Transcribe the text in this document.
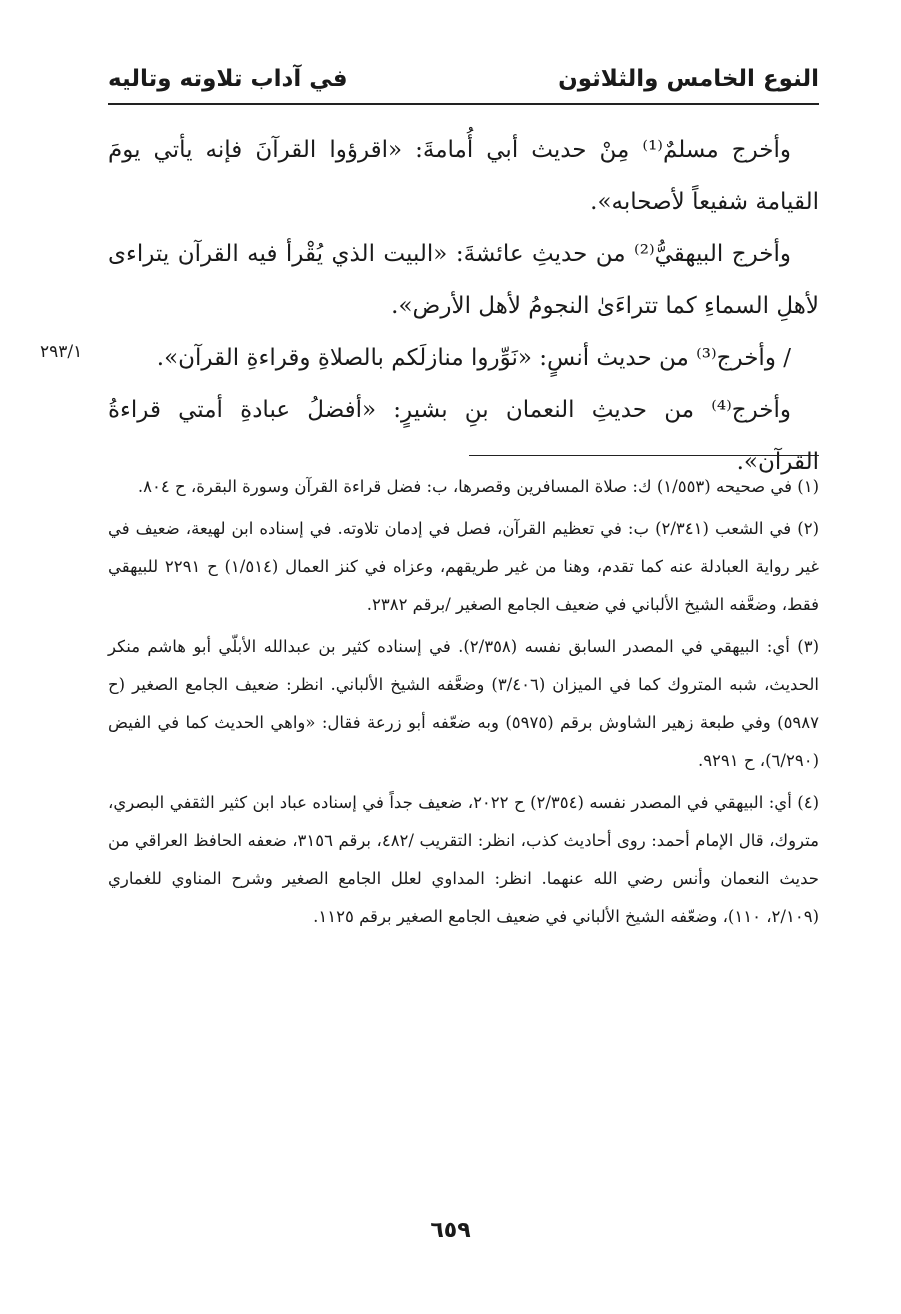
النوع الخامس والثلاثون
في آداب تلاوته وتاليه

وأخرج مسلمٌ⁽¹⁾ مِنْ حديث أبي أُمامةَ: «اقرؤوا القرآنَ فإنه يأتي يومَ القيامة شفيعاً لأصحابه».

وأخرج البيهقيُّ⁽²⁾ من حديثِ عائشةَ: «البيت الذي يُقْرأ فيه القرآن يتراءى لأهلِ السماءِ كما تتراءَىٰ النجومُ لأهل الأرض».

/ وأخرج⁽³⁾ من حديث أنسٍ: «نَوِّروا منازلَكم بالصلاةِ وقراءةِ القرآن».

وأخرج⁽⁴⁾ من حديثِ النعمان بنِ بشيرٍ: «أفضلُ عبادةِ أمتي قراءةُ القرآن».

٢٩٣/١

(١) في صحيحه (١/٥٥٣) ك: صلاة المسافرين وقصرها، ب: فضل قراءة القرآن وسورة البقرة، ح ٨٠٤.

(٢) في الشعب (٢/٣٤١) ب: في تعظيم القرآن، فصل في إدمان تلاوته. في إسناده ابن لهيعة، ضعيف في غير رواية العبادلة عنه كما تقدم، وهنا من غير طريقهم، وعزاه في كنز العمال (١/٥١٤) ح ٢٢٩١ للبيهقي فقط، وضعَّفه الشيخ الألباني في ضعيف الجامع الصغير /برقم ٢٣٨٢.

(٣) أي: البيهقي في المصدر السابق نفسه (٢/٣٥٨). في إسناده كثير بن عبدالله الأبلّي أبو هاشم منكر الحديث، شبه المتروك كما في الميزان (٣/٤٠٦) وضعَّفه الشيخ الألباني. انظر: ضعيف الجامع الصغير (ح ٥٩٨٧) وفي طبعة زهير الشاوش برقم (٥٩٧٥) وبه ضعّفه أبو زرعة فقال: «واهي الحديث كما في الفيض (٦/٢٩٠)، ح ٩٢٩١.

(٤) أي: البيهقي في المصدر نفسه (٢/٣٥٤) ح ٢٠٢٢، ضعيف جداً في إسناده عباد ابن كثير الثقفي البصري، متروك، قال الإمام أحمد: روى أحاديث كذب، انظر: التقريب /٤٨٢، برقم ٣١٥٦، ضعفه الحافظ العراقي من حديث النعمان وأنس رضي الله عنهما. انظر: المداوي لعلل الجامع الصغير وشرح المناوي للغماري (٢/١٠٩، ١١٠)، وضعّفه الشيخ الألباني في ضعيف الجامع الصغير برقم ١١٢٥.

٦٥٩
